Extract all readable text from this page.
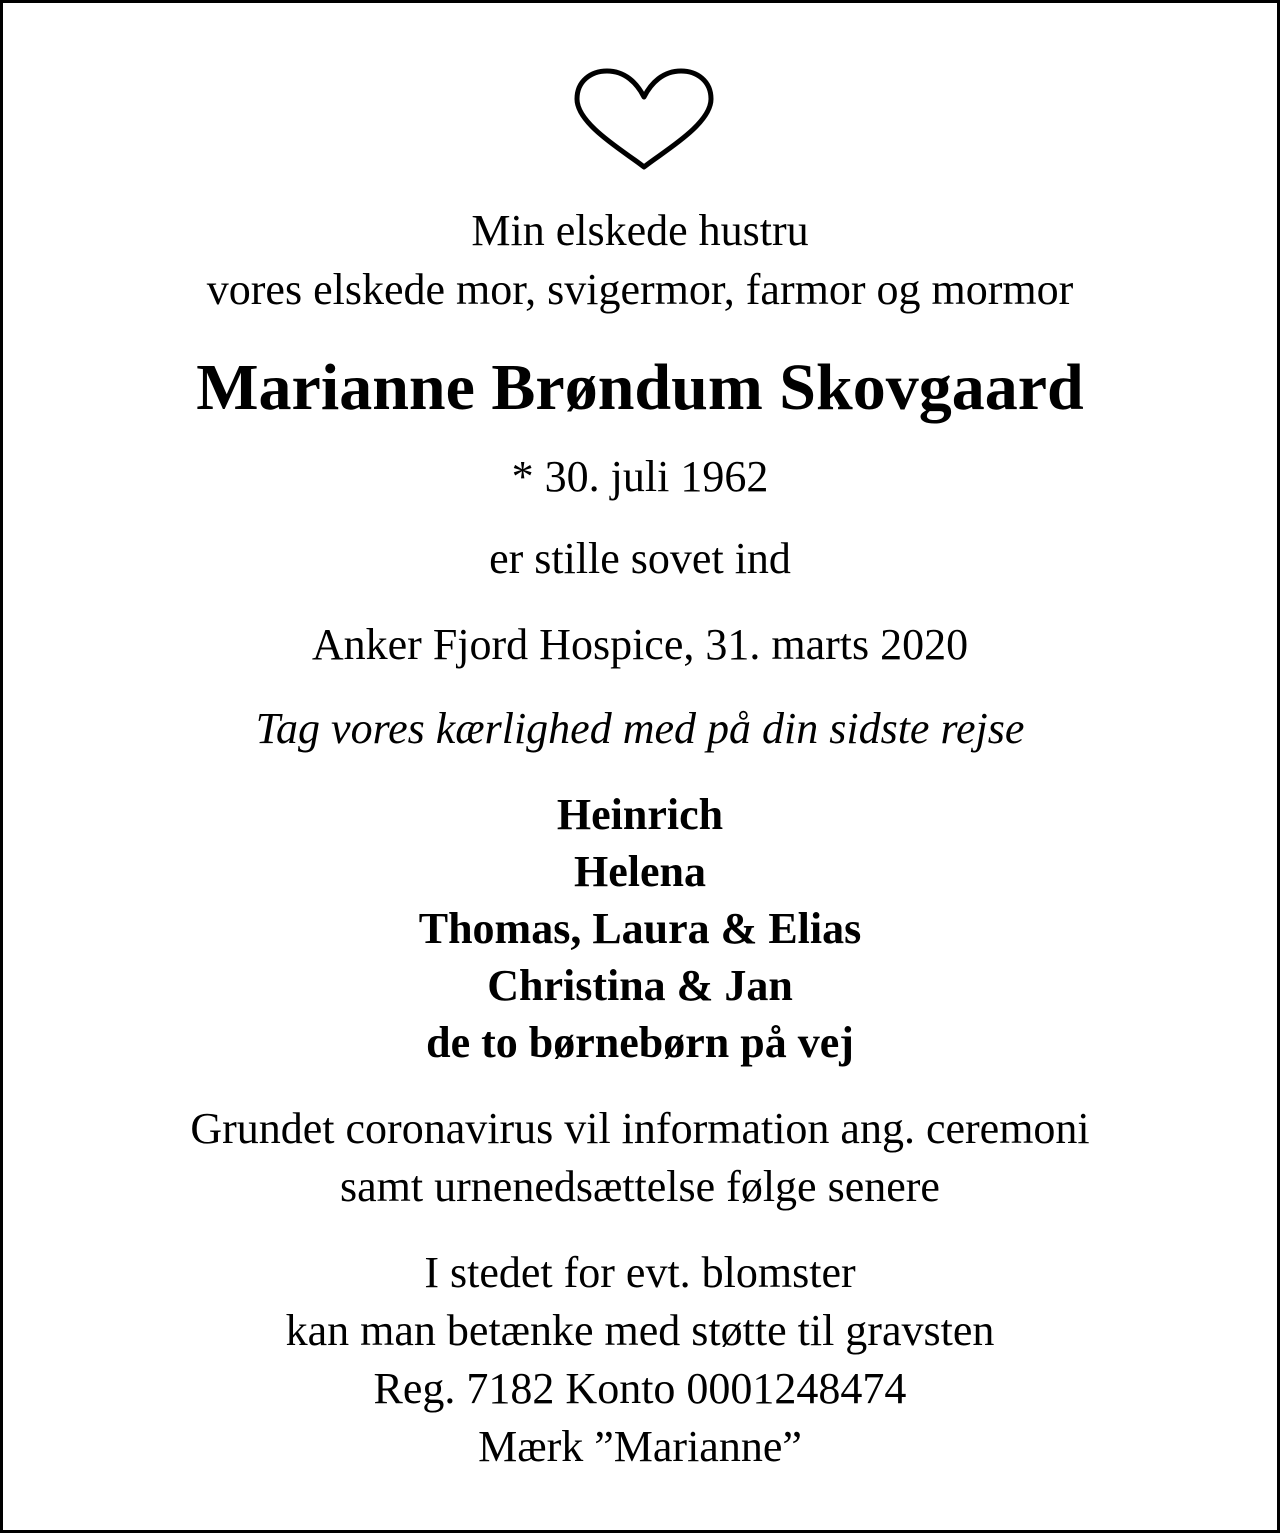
Min elskede hustru
vores elskede mor, svigermor, farmor og mormor
Marianne Brøndum Skovgaard
* 30. juli 1962
er stille sovet ind
Anker Fjord Hospice, 31. marts 2020
Tag vores kærlighed med på din sidste rejse
Heinrich
Helena
Thomas, Laura & Elias
Christina & Jan
de to børnebørn på vej
Grundet coronavirus vil information ang. ceremoni
samt urnenedsættelse følge senere
I stedet for evt. blomster
kan man betænke med støtte til gravsten
Reg. 7182 Konto 0001248474
Mærk ”Marianne”
